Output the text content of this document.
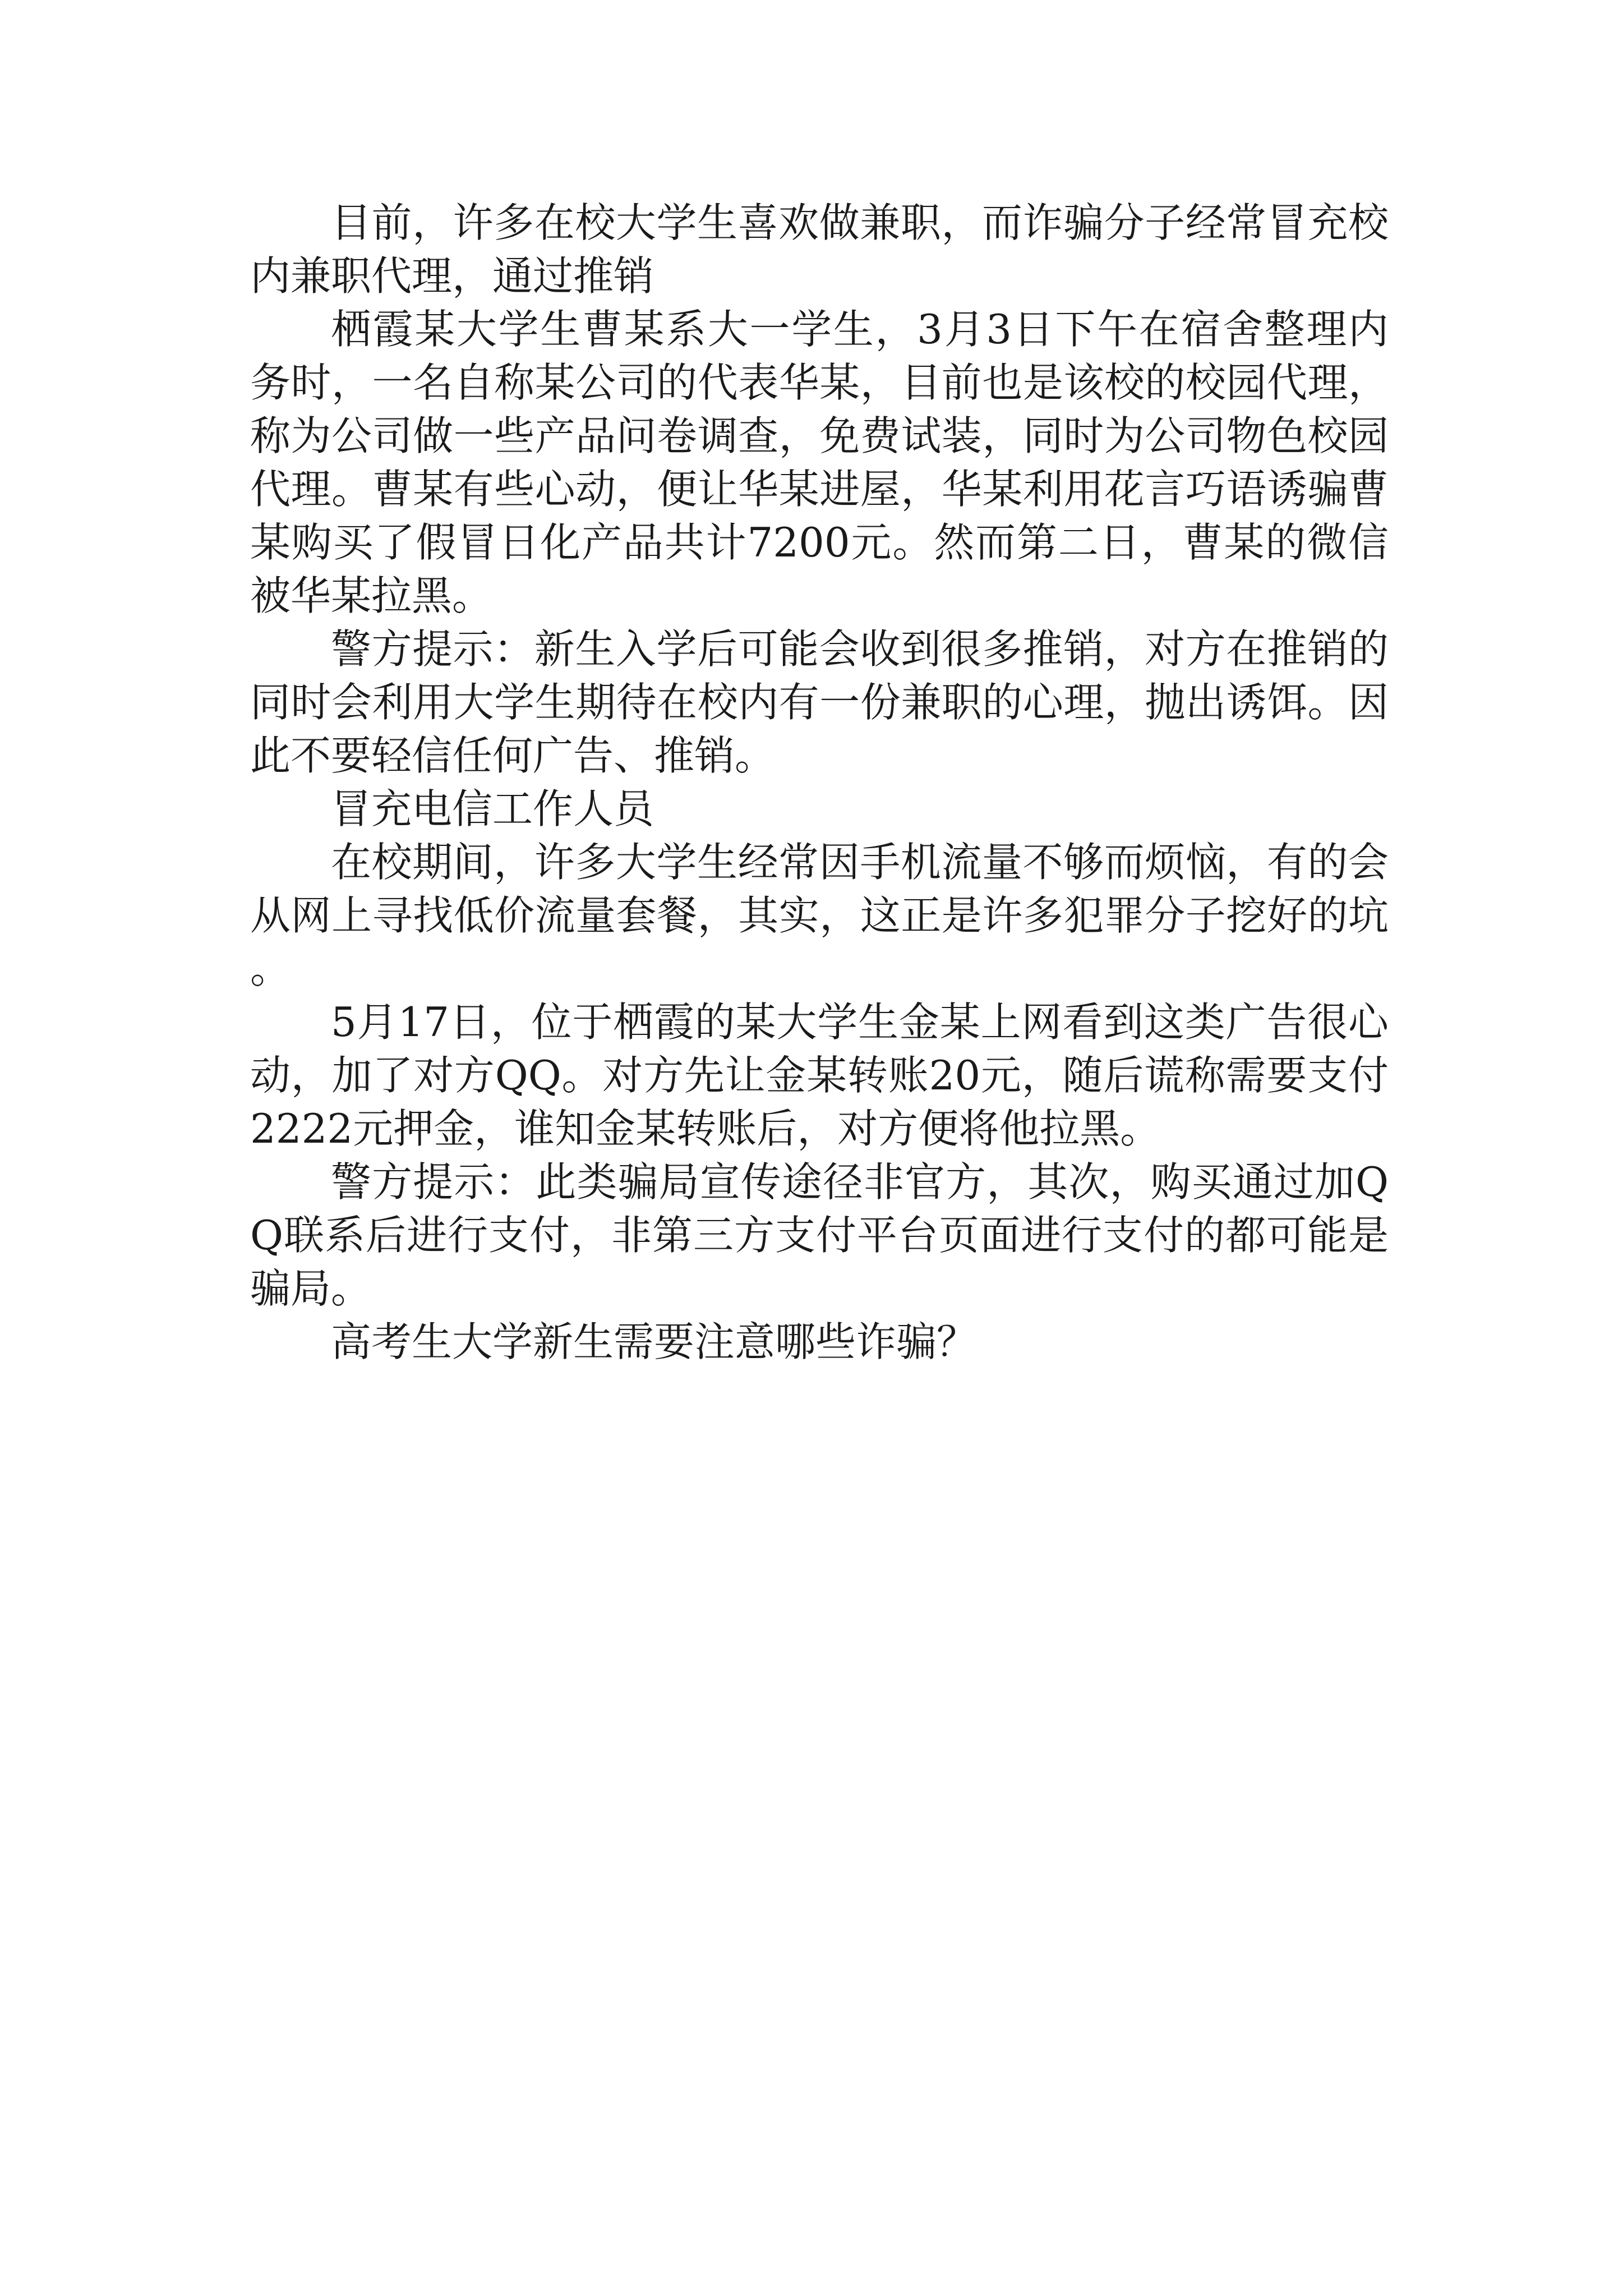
目前，许多在校大学生喜欢做兼职，而诈骗分子经常冒充校内兼职代理，通过推销

栖霞某大学生曹某系大一学生，3月3日下午在宿舍整理内务时，一名自称某公司的代表华某，目前也是该校的校园代理，称为公司做一些产品问卷调查，免费试装，同时为公司物色校园代理。曹某有些心动，便让华某进屋，华某利用花言巧语诱骗曹某购买了假冒日化产品共计7200元。然而第二日，曹某的微信被华某拉黑。

警方提示：新生入学后可能会收到很多推销，对方在推销的同时会利用大学生期待在校内有一份兼职的心理，抛出诱饵。因此不要轻信任何广告、推销。

冒充电信工作人员

在校期间，许多大学生经常因手机流量不够而烦恼，有的会从网上寻找低价流量套餐，其实，这正是许多犯罪分子挖好的坑。

5月17日，位于栖霞的某大学生金某上网看到这类广告很心动，加了对方QQ。对方先让金某转账20元，随后谎称需要支付2222元押金，谁知金某转账后，对方便将他拉黑。

警方提示：此类骗局宣传途径非官方，其次，购买通过加QQ联系后进行支付，非第三方支付平台页面进行支付的都可能是骗局。

高考生大学新生需要注意哪些诈骗？
